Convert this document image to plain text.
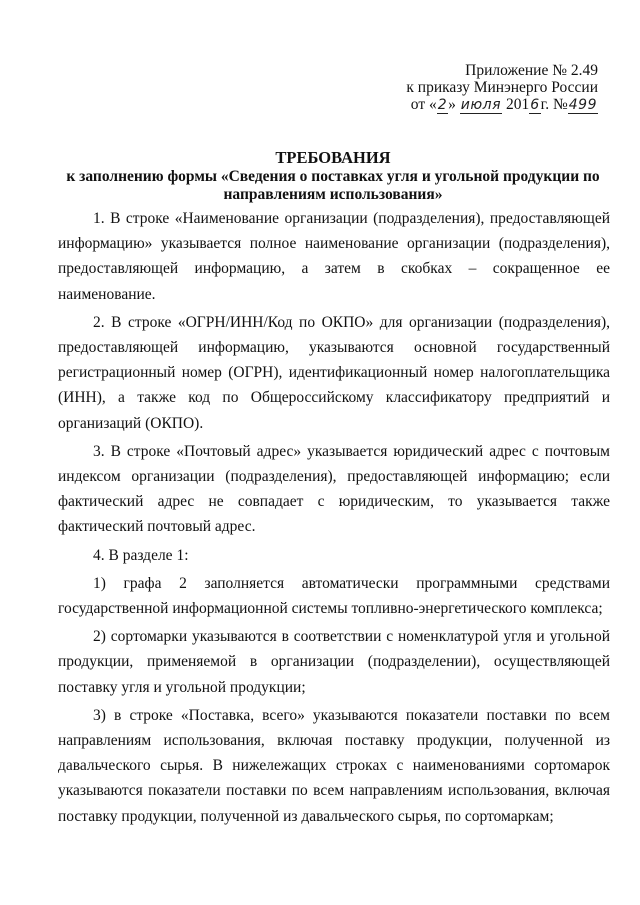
Приложение № 2.49
к приказу Минэнерго России
от «2» июля 2016г. №499
ТРЕБОВАНИЯ
к заполнению формы «Сведения о поставках угля и угольной продукции по направлениям использования»

1. В строке «Наименование организации (подразделения), предоставляющей информацию» указывается полное наименование организации (подразделения), предоставляющей информацию, а затем в скобках – сокращенное ее наименование.

2. В строке «ОГРН/ИНН/Код по ОКПО» для организации (подразделения), предоставляющей информацию, указываются основной государственный регистрационный номер (ОГРН), идентификационный номер налогоплательщика (ИНН), а также код по Общероссийскому классификатору предприятий и организаций (ОКПО).

3. В строке «Почтовый адрес» указывается юридический адрес с почтовым индексом организации (подразделения), предоставляющей информацию; если фактический адрес не совпадает с юридическим, то указывается также фактический почтовый адрес.

4. В разделе 1:

1) графа 2 заполняется автоматически программными средствами государственной информационной системы топливно-энергетического комплекса;

2) сортомарки указываются в соответствии с номенклатурой угля и угольной продукции, применяемой в организации (подразделении), осуществляющей поставку угля и угольной продукции;

3) в строке «Поставка, всего» указываются показатели поставки по всем направлениям использования, включая поставку продукции, полученной из давальческого сырья. В нижележащих строках с наименованиями сортомарок указываются показатели поставки по всем направлениям использования, включая поставку продукции, полученной из давальческого сырья, по сортомаркам;
